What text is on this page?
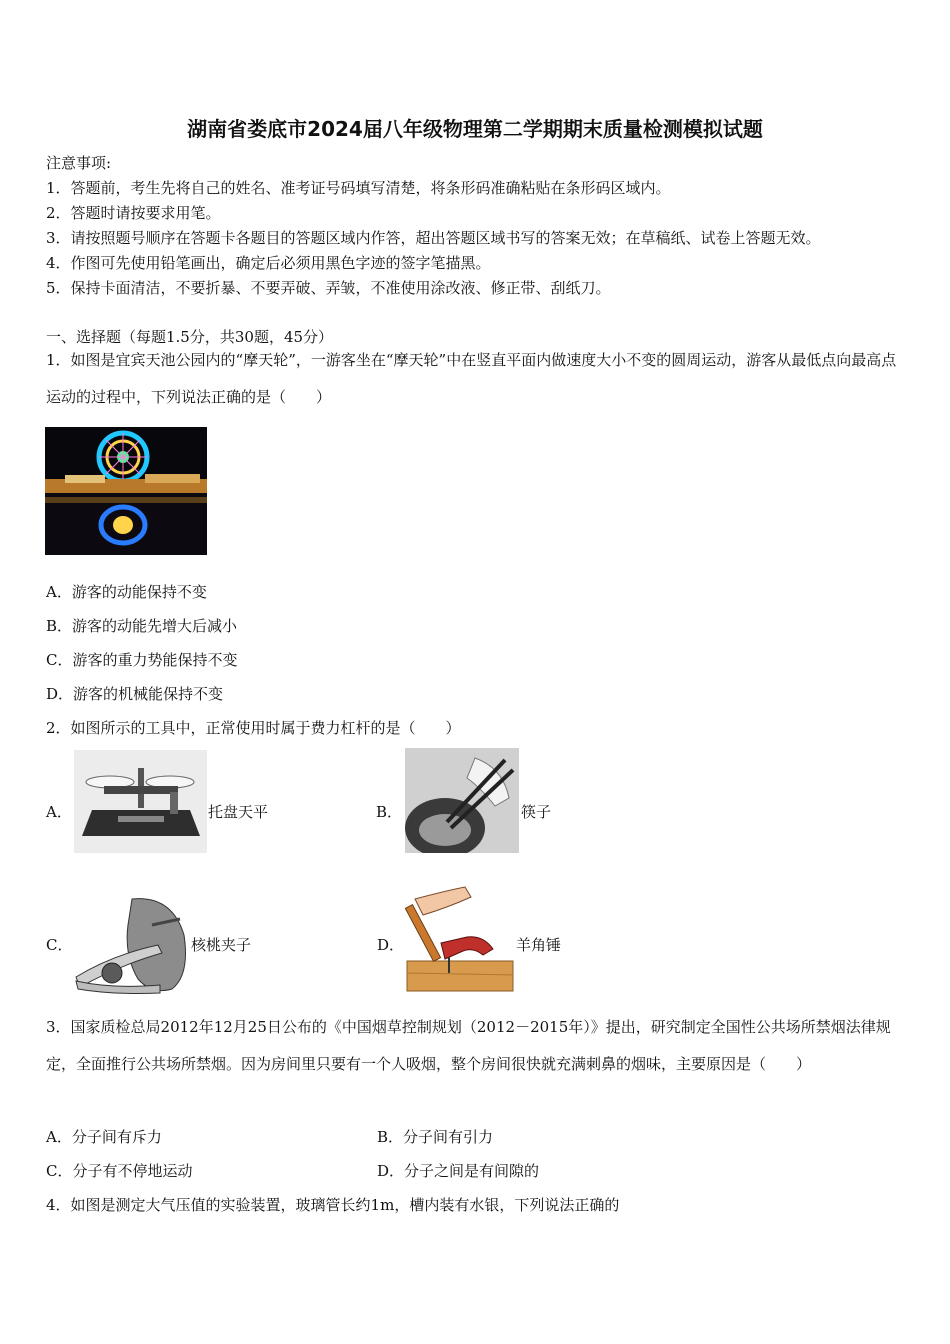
湖南省娄底市2024届八年级物理第二学期期末质量检测模拟试题
注意事项:
1．答题前，考生先将自己的姓名、准考证号码填写清楚，将条形码准确粘贴在条形码区域内。
2．答题时请按要求用笔。
3．请按照题号顺序在答题卡各题目的答题区域内作答，超出答题区域书写的答案无效；在草稿纸、试卷上答题无效。
4．作图可先使用铅笔画出，确定后必须用黑色字迹的签字笔描黑。
5．保持卡面清洁，不要折暴、不要弄破、弄皱，不准使用涂改液、修正带、刮纸刀。
一、选择题（每题1.5分，共30题，45分）
1．如图是宜宾天池公园内的“摩天轮”，一游客坐在“摩天轮”中在竖直平面内做速度大小不变的圆周运动，游客从最低点向最高点运动的过程中，下列说法正确的是（　　）
A．游客的动能保持不变
B．游客的动能先增大后减小
C．游客的重力势能保持不变
D．游客的机械能保持不变
2．如图所示的工具中，正常使用时属于费力杠杆的是（　　）
A．	托盘天平	B．	筷子
C．	核桃夹子	D．	羊角锤
3．国家质检总局2012年12月25日公布的《中国烟草控制规划（2012－2015年）》提出，研究制定全国性公共场所禁烟法律规定，全面推行公共场所禁烟。因为房间里只要有一个人吸烟，整个房间很快就充满刺鼻的烟味，主要原因是（　　）
A．分子间有斥力	B．分子间有引力
C．分子有不停地运动	D．分子之间是有间隙的
4．如图是测定大气压值的实验装置，玻璃管长约1m，槽内装有水银，下列说法正确的
